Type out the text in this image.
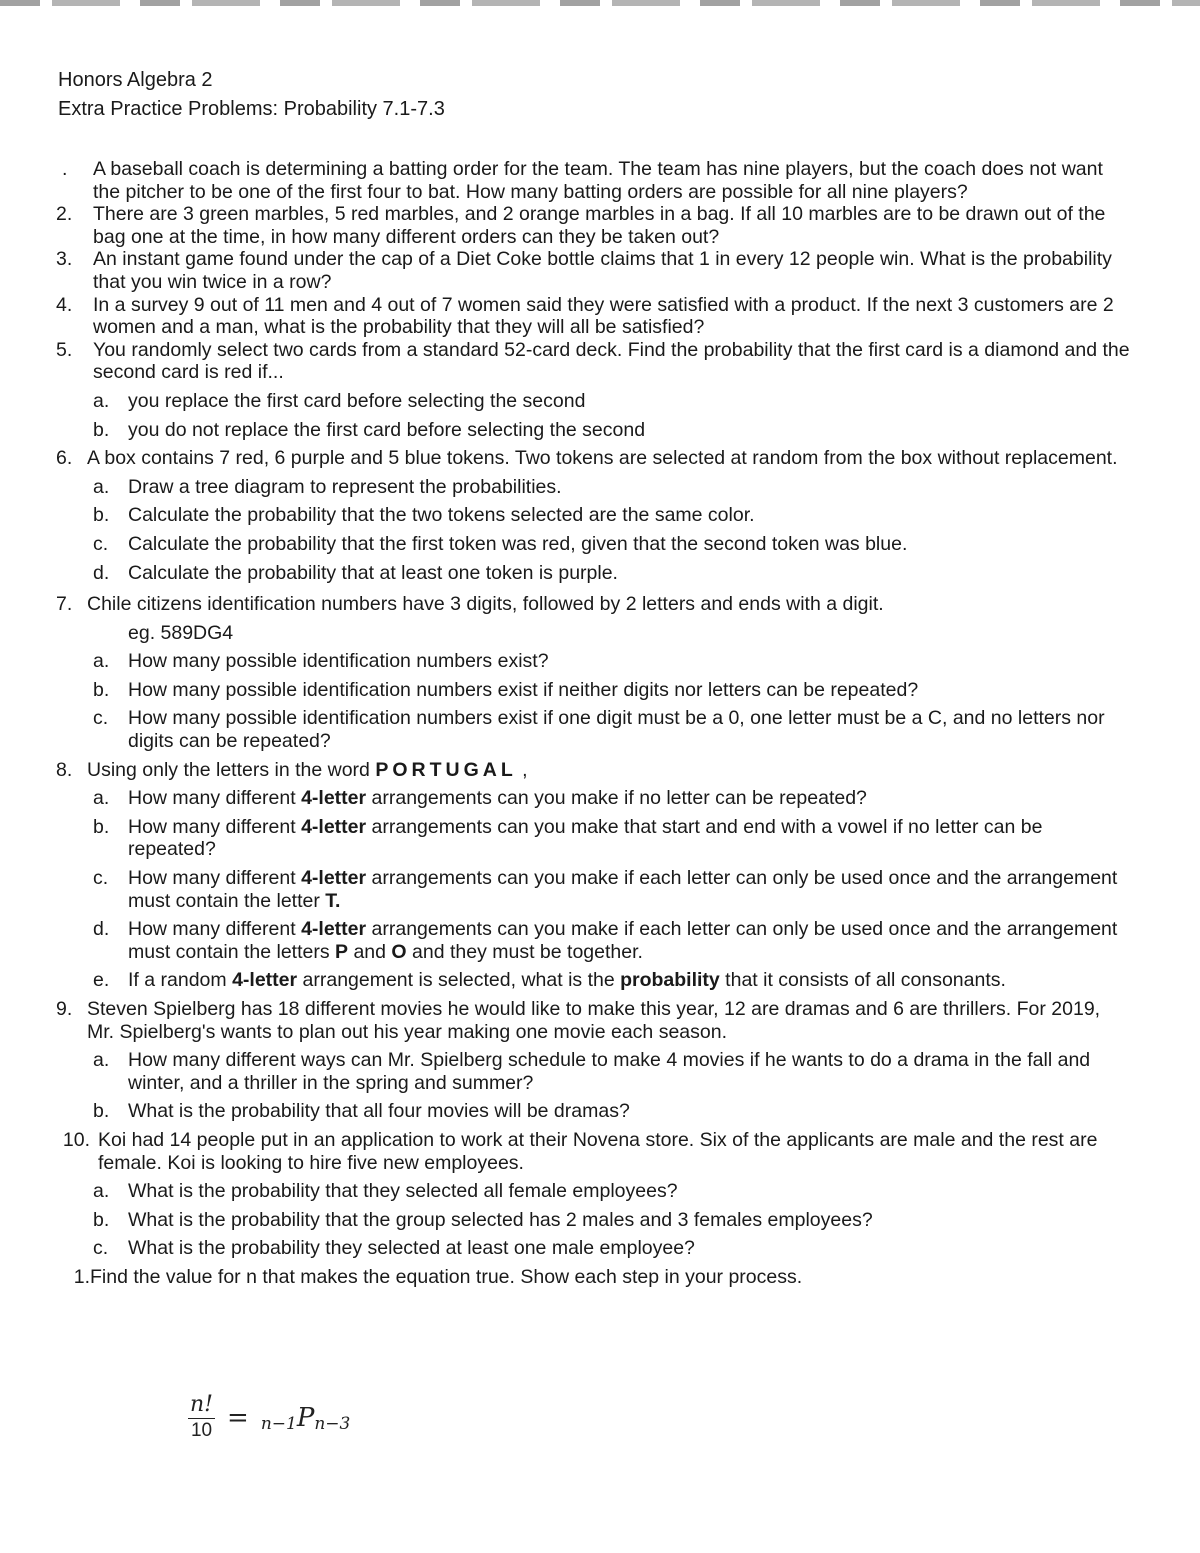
Honors Algebra 2
Extra Practice Problems: Probability 7.1-7.3
.	A baseball coach is determining a batting order for the team. The team has nine players, but the coach does not want the pitcher to be one of the first four to bat. How many batting orders are possible for all nine players?
2.	There are 3 green marbles, 5 red marbles, and 2 orange marbles in a bag. If all 10 marbles are to be drawn out of the bag one at the time, in how many different orders can they be taken out?
3.	An instant game found under the cap of a Diet Coke bottle claims that 1 in every 12 people win. What is the probability that you win twice in a row?
4.	In a survey 9 out of 11 men and 4 out of 7 women said they were satisfied with a product. If the next 3 customers are 2 women and a man, what is the probability that they will all be satisfied?
5.	You randomly select two cards from a standard 52-card deck. Find the probability that the first card is a diamond and the second card is red if...
a. you replace the first card before selecting the second
b. you do not replace the first card before selecting the second
6. A box contains 7 red, 6 purple and 5 blue tokens. Two tokens are selected at random from the box without replacement.
a. Draw a tree diagram to represent the probabilities.
b. Calculate the probability that the two tokens selected are the same color.
c. Calculate the probability that the first token was red, given that the second token was blue.
d. Calculate the probability that at least one token is purple.
7. Chile citizens identification numbers have 3 digits, followed by 2 letters and ends with a digit.
eg. 589DG4
a. How many possible identification numbers exist?
b. How many possible identification numbers exist if neither digits nor letters can be repeated?
c. How many possible identification numbers exist if one digit must be a 0, one letter must be a C, and no letters nor digits can be repeated?
8. Using only the letters in the word PORTUGAL ,
a. How many different 4-letter arrangements can you make if no letter can be repeated?
b. How many different 4-letter arrangements can you make that start and end with a vowel if no letter can be repeated?
c. How many different 4-letter arrangements can you make if each letter can only be used once and the arrangement must contain the letter T.
d. How many different 4-letter arrangements can you make if each letter can only be used once and the arrangement must contain the letters P and O and they must be together.
e. If a random 4-letter arrangement is selected, what is the probability that it consists of all consonants.
9. Steven Spielberg has 18 different movies he would like to make this year, 12 are dramas and 6 are thrillers. For 2019, Mr. Spielberg's wants to plan out his year making one movie each season.
a. How many different ways can Mr. Spielberg schedule to make 4 movies if he wants to do a drama in the fall and winter, and a thriller in the spring and summer?
b. What is the probability that all four movies will be dramas?
10. Koi had 14 people put in an application to work at their Novena store. Six of the applicants are male and the rest are female. Koi is looking to hire five new employees.
a. What is the probability that they selected all female employees?
b. What is the probability that the group selected has 2 males and 3 females employees?
c. What is the probability they selected at least one male employee?
1. Find the value for n that makes the equation true. Show each step in your process.
$\frac{n!}{10} = n-1$ P n−3
